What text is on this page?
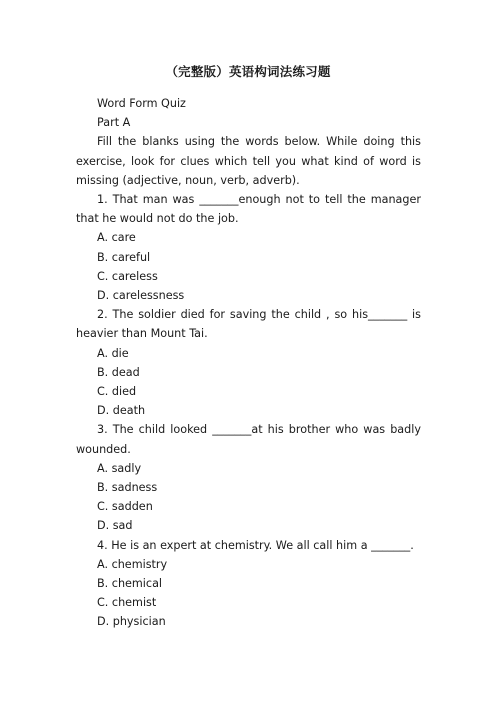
（完整版）英语构词法练习题
Word Form Quiz
Part A
Fill the blanks using the words below. While doing this exercise, look for clues which tell you what kind of word is missing (adjective, noun, verb, adverb).
1. That man was _______enough not to tell the manager that he would not do the job.
A. care
B. careful
C. careless
D. carelessness
2. The soldier died for saving the child , so his_______ is heavier than Mount Tai.
A. die
B. dead
C. died
D. death
3. The child looked _______at his brother who was badly wounded.
A. sadly
B. sadness
C. sadden
D. sad
4. He is an expert at chemistry. We all call him a _______.
A. chemistry
B. chemical
C. chemist
D. physician
